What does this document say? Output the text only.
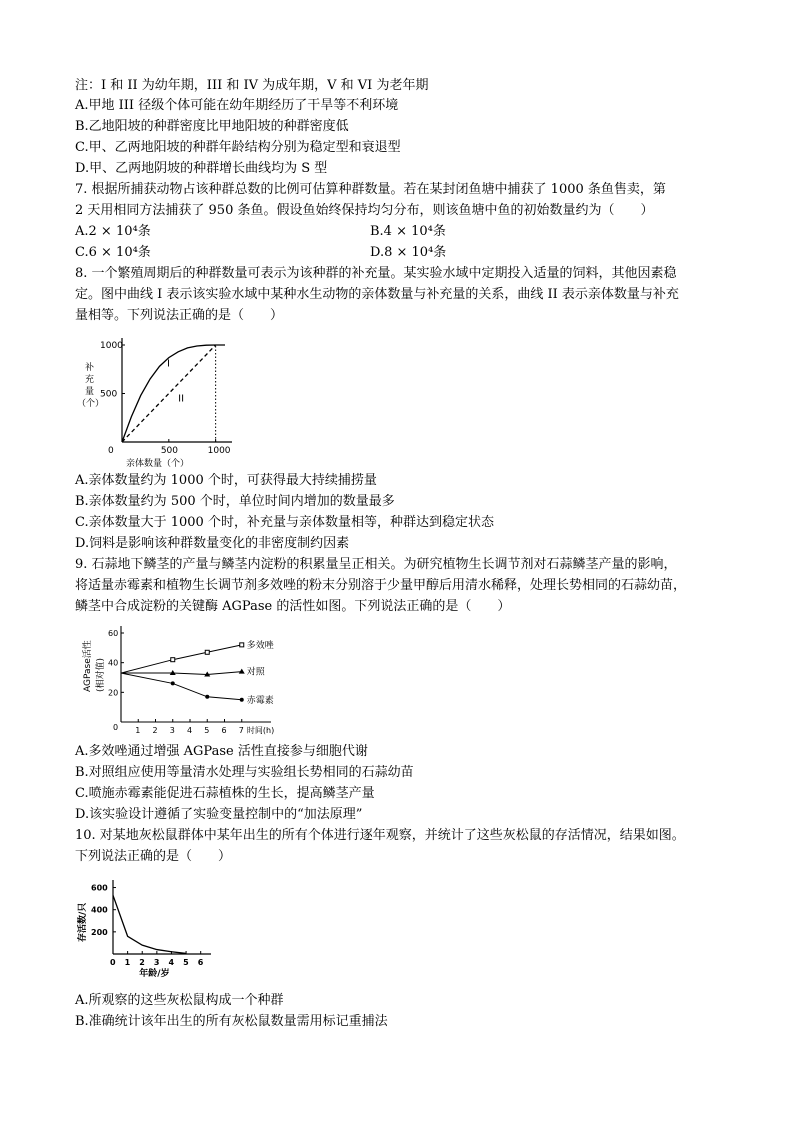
注：I 和 II 为幼年期，III 和 IV 为成年期，V 和 VI 为老年期
A.甲地 III 径级个体可能在幼年期经历了干旱等不利环境
B.乙地阳坡的种群密度比甲地阳坡的种群密度低
C.甲、乙两地阳坡的种群年龄结构分别为稳定型和衰退型
D.甲、乙两地阴坡的种群增长曲线均为 S 型
7. 根据所捕获动物占该种群总数的比例可估算种群数量。若在某封闭鱼塘中捕获了 1000 条鱼售卖，第
2 天用相同方法捕获了 950 条鱼。假设鱼始终保持均匀分布，则该鱼塘中鱼的初始数量约为（　　）
A.2 × 10⁴条	B.4 × 10⁴条
C.6 × 10⁴条	D.8 × 10⁴条
8. 一个繁殖周期后的种群数量可表示为该种群的补充量。某实验水域中定期投入适量的饲料，其他因素稳
定。图中曲线 I 表示该实验水域中某种水生动物的亲体数量与补充量的关系，曲线 II 表示亲体数量与补充
量相等。下列说法正确的是（　　）
0	500	1000
500
1000
亲体数量（个）
I
II
补
充
量
（个）
A.亲体数量约为 1000 个时，可获得最大持续捕捞量
B.亲体数量约为 500 个时，单位时间内增加的数量最多
C.亲体数量大于 1000 个时，补充量与亲体数量相等，种群达到稳定状态
D.饲料是影响该种群数量变化的非密度制约因素
9. 石蒜地下鳞茎的产量与鳞茎内淀粉的积累量呈正相关。为研究植物生长调节剂对石蒜鳞茎产量的影响，
将适量赤霉素和植物生长调节剂多效唑的粉末分别溶于少量甲醇后用清水稀释，处理长势相同的石蒜幼苗，
鳞茎中合成淀粉的关键酶 AGPase 的活性如图。下列说法正确的是（　　）
1 2 3 4 5 6 7 时间(h)
0
20
40
60
多效唑
对照
赤霉素
AGPase活性 (相对值)
A.多效唑通过增强 AGPase 活性直接参与细胞代谢
B.对照组应使用等量清水处理与实验组长势相同的石蒜幼苗
C.喷施赤霉素能促进石蒜植株的生长，提高鳞茎产量
D.该实验设计遵循了实验变量控制中的“加法原理”
10. 对某地灰松鼠群体中某年出生的所有个体进行逐年观察，并统计了这些灰松鼠的存活情况，结果如图。
下列说法正确的是（　　）
0 1 2 3 4 5 6
200
400
600
年龄/岁
存活数/只
A.所观察的这些灰松鼠构成一个种群
B.准确统计该年出生的所有灰松鼠数量需用标记重捕法
